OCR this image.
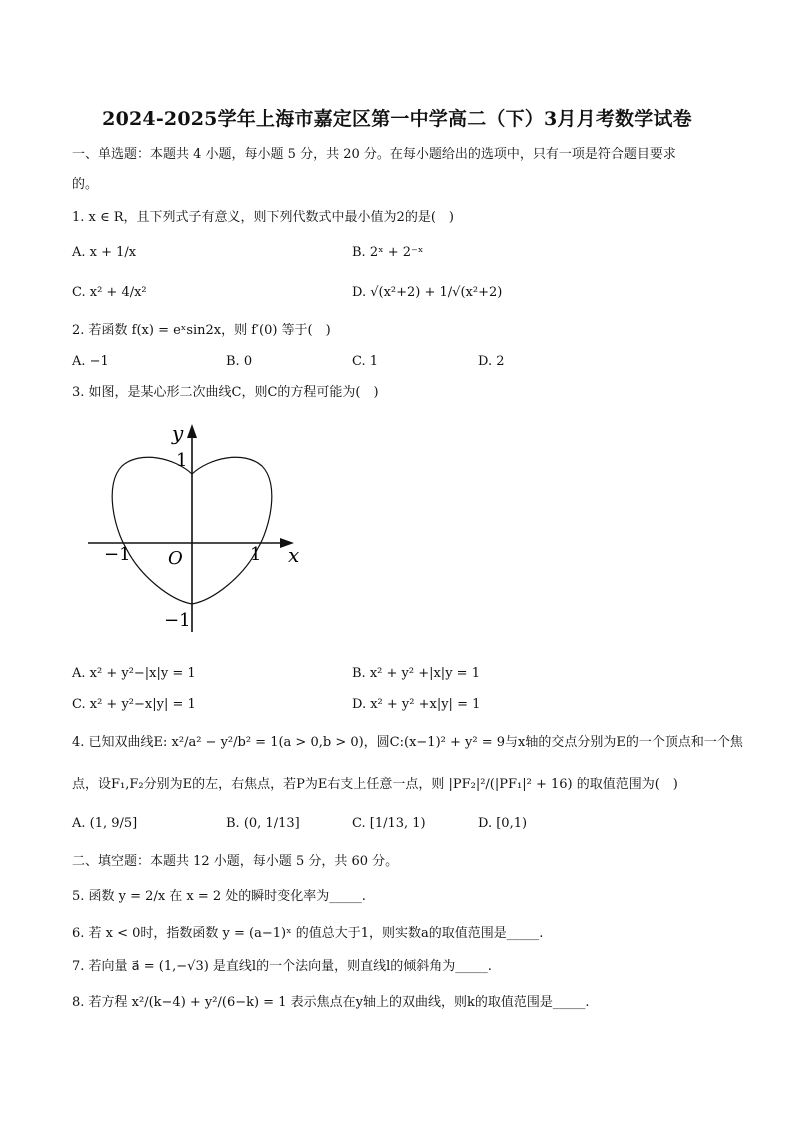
2024-2025学年上海市嘉定区第一中学高二（下）3月月考数学试卷
一、单选题：本题共 4 小题，每小题 5 分，共 20 分。在每小题给出的选项中，只有一项是符合题目要求
的。
1. x ∈ R，且下列式子有意义，则下列代数式中最小值为2的是(　)
A. x + 1/x	B. 2ˣ + 2⁻ˣ
C. x² + 4/x²	D. √(x²+2) + 1/√(x²+2)
2. 若函数 f(x) = eˣsin2x，则 f′(0) 等于(　)
A. −1	B. 0	C. 1	D. 2
3. 如图，是某心形二次曲线C，则C的方程可能为(　)
y
x
O
1
−1
−1	1
A. x² + y²−|x|y = 1	B. x² + y² +|x|y = 1
C. x² + y²−x|y| = 1	D. x² + y² +x|y| = 1
4. 已知双曲线E: x²/a² − y²/b² = 1(a > 0,b > 0)，圆C:(x−1)² + y² = 9与x轴的交点分别为E的一个顶点和一个焦
点，设F₁,F₂分别为E的左，右焦点，若P为E右支上任意一点，则 |PF₂|²/(|PF₁|² + 16) 的取值范围为(　)
A. (1, 9/5]	B. (0, 1/13]	C. [1/13, 1)	D. [0,1)
二、填空题：本题共 12 小题，每小题 5 分，共 60 分。
5. 函数 y = 2/x 在 x = 2 处的瞬时变化率为_____.
6. 若 x < 0时，指数函数 y = (a−1)ˣ 的值总大于1，则实数a的取值范围是_____.
7. 若向量 a⃗ = (1,−√3) 是直线l的一个法向量，则直线l的倾斜角为_____.
8. 若方程 x²/(k−4) + y²/(6−k) = 1 表示焦点在y轴上的双曲线，则k的取值范围是_____.
